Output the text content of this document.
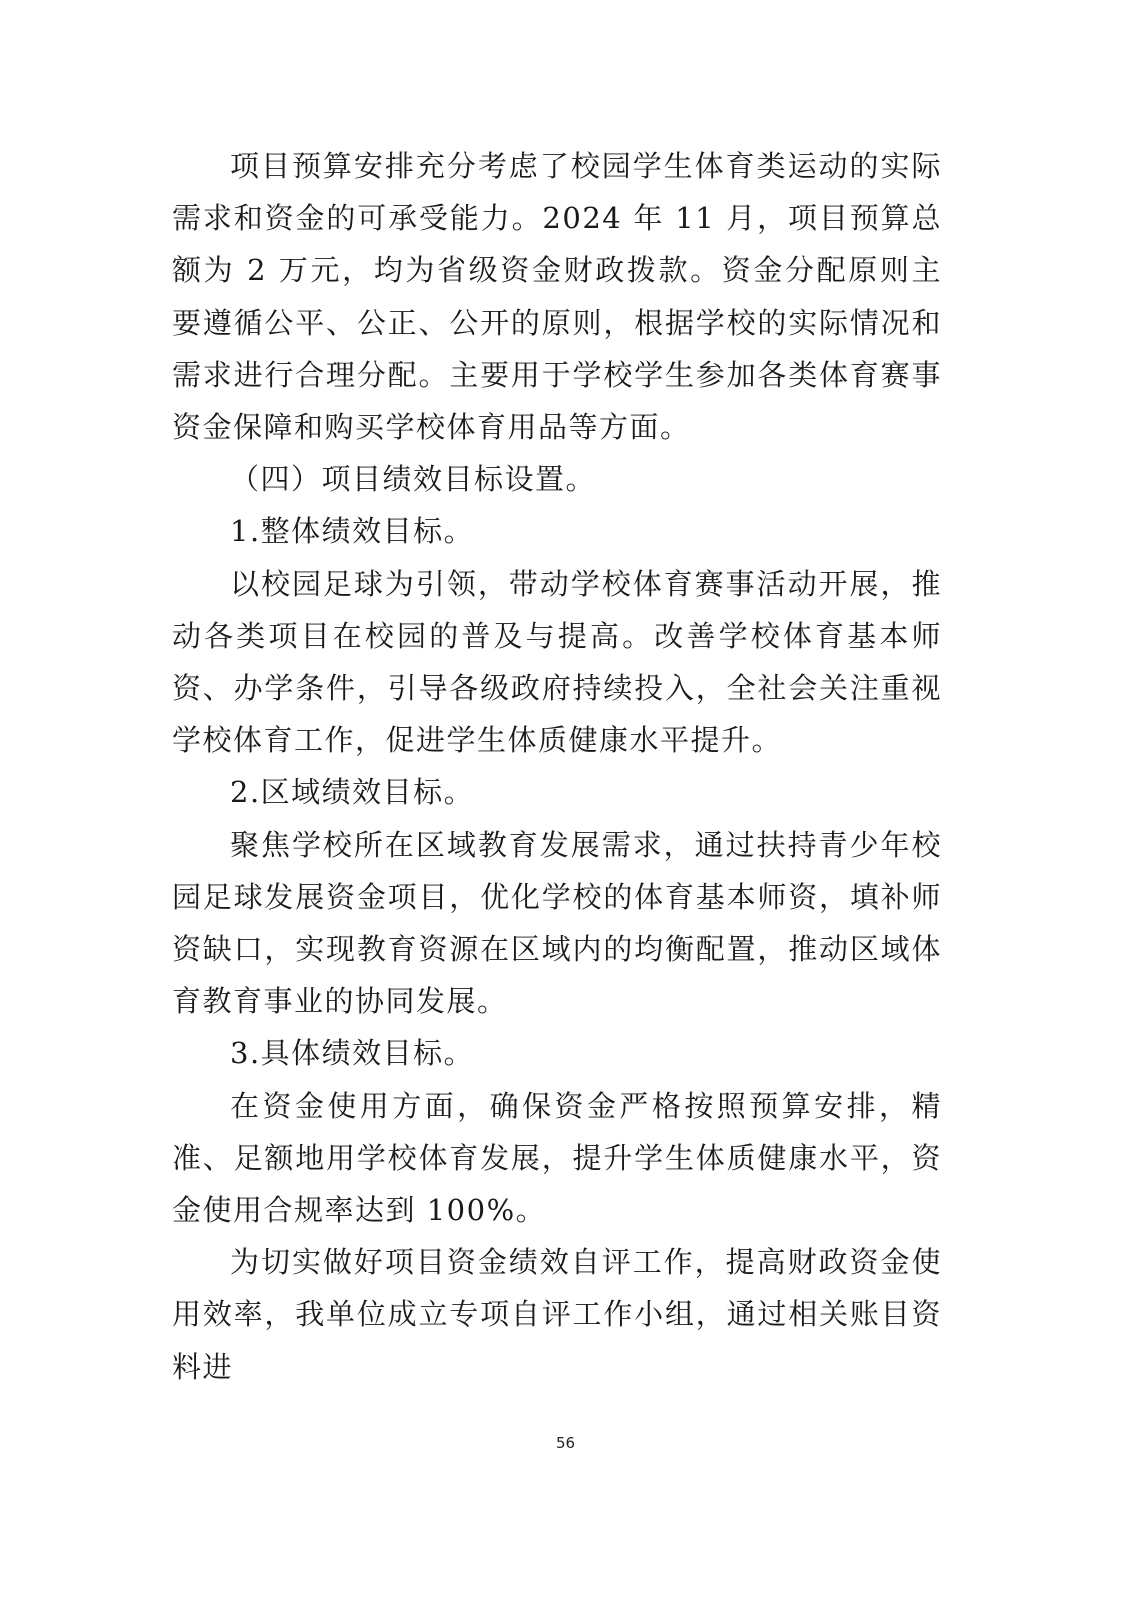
项目预算安排充分考虑了校园学生体育类运动的实际需求和资金的可承受能力。2024 年 11 月，项目预算总额为 2 万元，均为省级资金财政拨款。资金分配原则主要遵循公平、公正、公开的原则，根据学校的实际情况和需求进行合理分配。主要用于学校学生参加各类体育赛事资金保障和购买学校体育用品等方面。

（四）项目绩效目标设置。

1.整体绩效目标。

以校园足球为引领，带动学校体育赛事活动开展，推动各类项目在校园的普及与提高。改善学校体育基本师资、办学条件，引导各级政府持续投入，全社会关注重视学校体育工作，促进学生体质健康水平提升。

2.区域绩效目标。

聚焦学校所在区域教育发展需求，通过扶持青少年校园足球发展资金项目，优化学校的体育基本师资，填补师资缺口，实现教育资源在区域内的均衡配置，推动区域体育教育事业的协同发展。

3.具体绩效目标。

在资金使用方面，确保资金严格按照预算安排，精准、足额地用学校体育发展，提升学生体质健康水平，资金使用合规率达到 100%。

为切实做好项目资金绩效自评工作，提高财政资金使用效率，我单位成立专项自评工作小组，通过相关账目资料进

56
